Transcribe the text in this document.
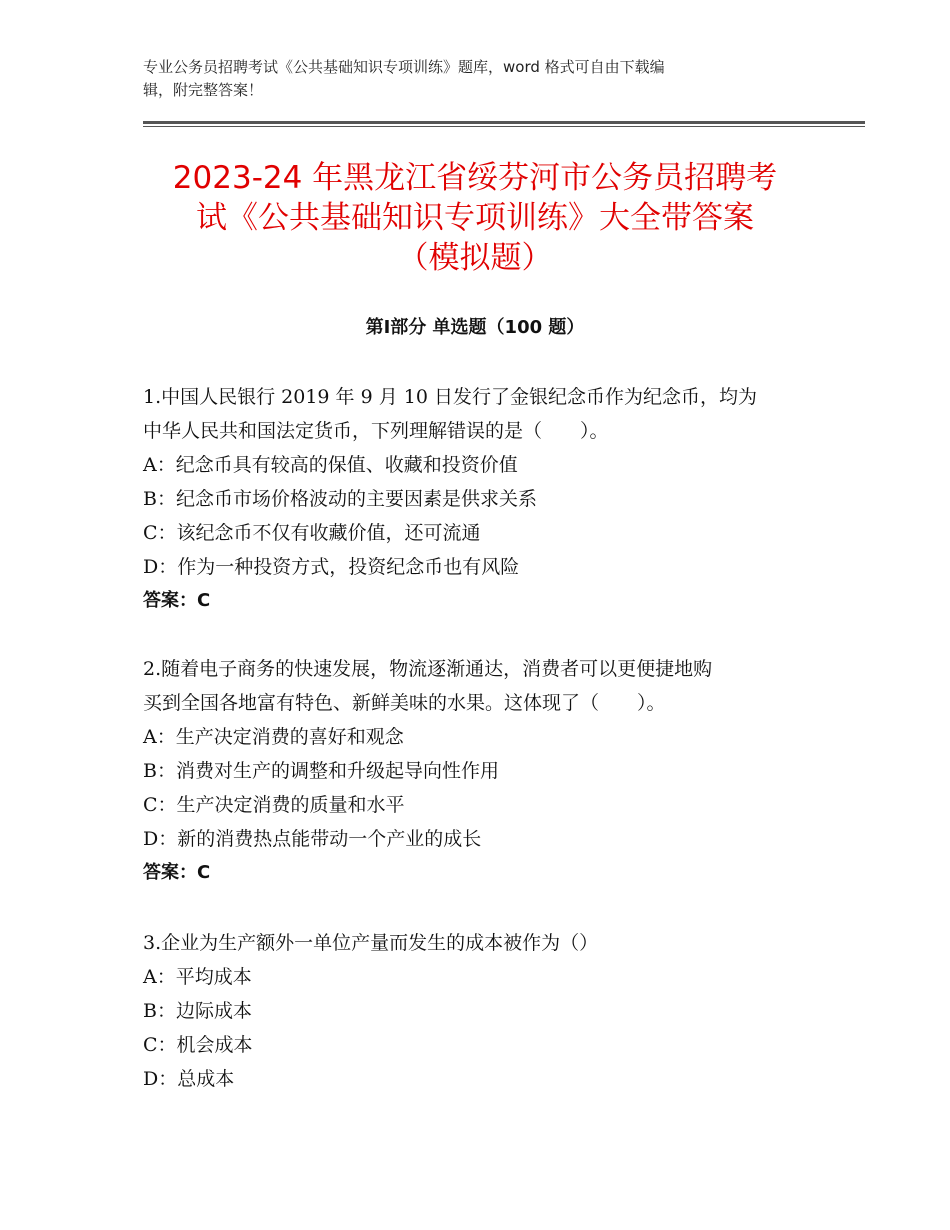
专业公务员招聘考试《公共基础知识专项训练》题库，word 格式可自由下载编
辑，附完整答案！
2023-24 年黑龙江省绥芬河市公务员招聘考
试《公共基础知识专项训练》大全带答案
（模拟题）
第Ⅰ部分 单选题（100 题）
1.中国人民银行 2019 年 9 月 10 日发行了金银纪念币作为纪念币，均为
中华人民共和国法定货币，下列理解错误的是（　　）。
A：纪念币具有较高的保值、收藏和投资价值
B：纪念币市场价格波动的主要因素是供求关系
C：该纪念币不仅有收藏价值，还可流通
D：作为一种投资方式，投资纪念币也有风险
答案：C
2.随着电子商务的快速发展，物流逐渐通达，消费者可以更便捷地购
买到全国各地富有特色、新鲜美味的水果。这体现了（　　）。
A：生产决定消费的喜好和观念
B：消费对生产的调整和升级起导向性作用
C：生产决定消费的质量和水平
D：新的消费热点能带动一个产业的成长
答案：C
3.企业为生产额外一单位产量而发生的成本被作为（）
A：平均成本
B：边际成本
C：机会成本
D：总成本
